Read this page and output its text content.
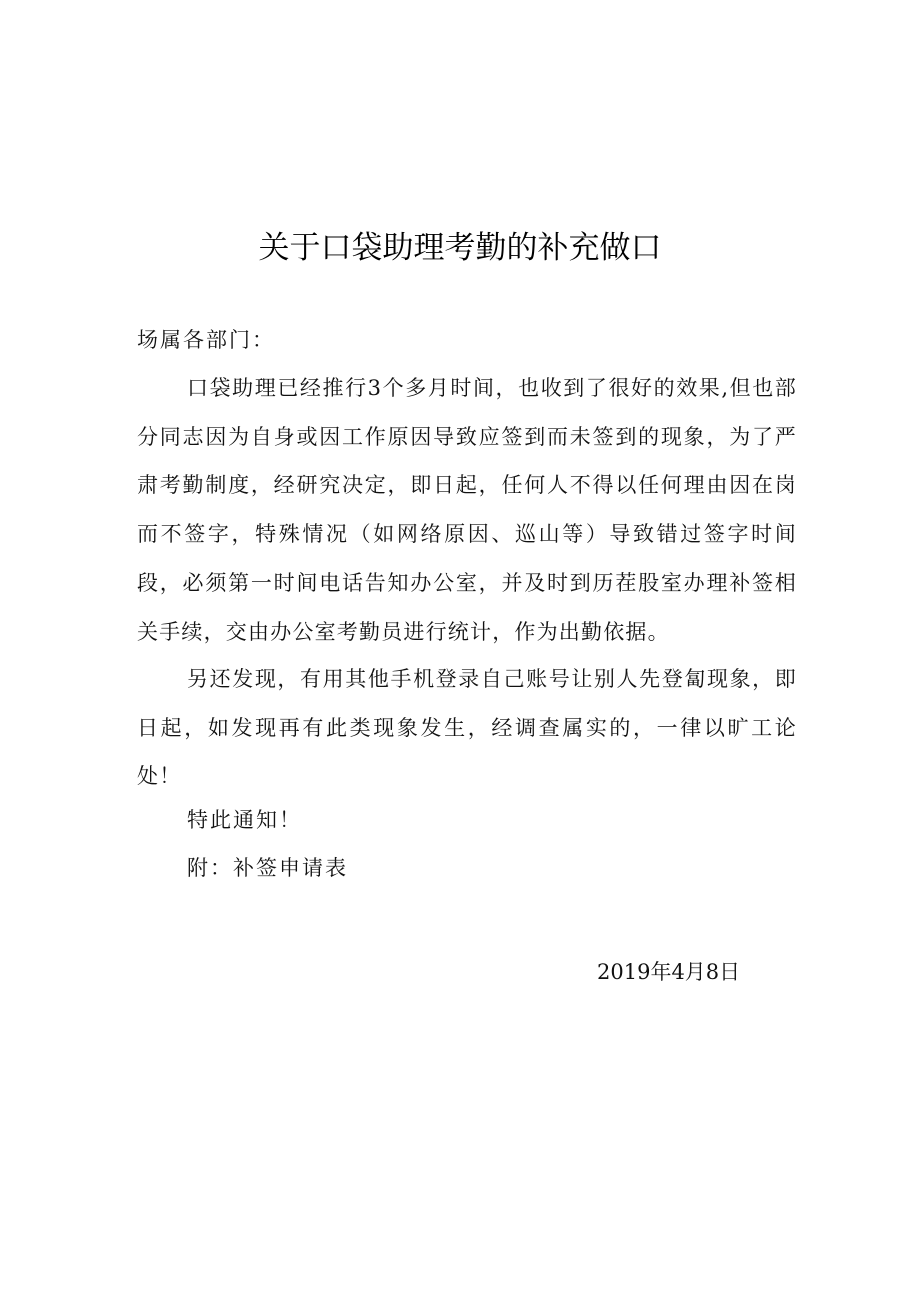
关于口袋助理考勤的补充做口
场属各部门：

口袋助理已经推行3个多月时间，也收到了很好的效果,但也部分同志因为自身或因工作原因导致应签到而未签到的现象，为了严肃考勤制度，经研究决定，即日起，任何人不得以任何理由因在岗而不签字，特殊情况（如网络原因、巡山等）导致错过签字时间段，必须第一时间电话告知办公室，并及时到历茬股室办理补签相关手续，交由办公室考勤员进行统计，作为出勤依据。

另还发现，有用其他手机登录自己账号让别人先登匐现象，即日起，如发现再有此类现象发生，经调查属实的，一律以旷工论处！

特此通知！
附：补签申请表
2019年4月8日
